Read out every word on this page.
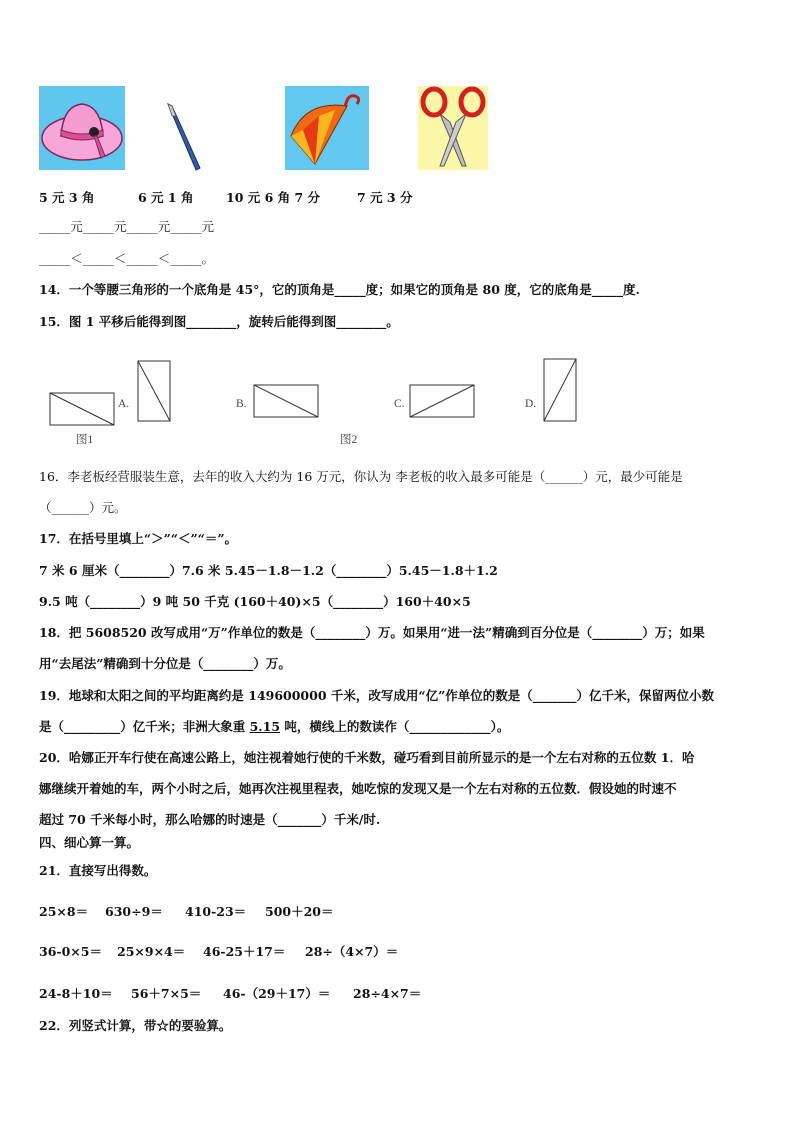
5 元 3 角	6 元 1 角	10 元 6 角 7 分	7 元 3 分
_____元_____元_____元_____元
_____＜_____＜_____＜_____。
14．一个等腰三角形的一个底角是 45°，它的顶角是_____度；如果它的顶角是 80 度，它的底角是_____度.
15．图 1 平移后能得到图________，旋转后能得到图________。
A.	B.	C.	D.
图1	图2
16．李老板经营服装生意，去年的收入大约为 16 万元，你认为 李老板的收入最多可能是（______）元，最少可能是
（______）元。
17．在括号里填上“＞”“＜”“＝”。
7 米 6 厘米（________）7.6 米 5.45－1.8－1.2（________）5.45－1.8＋1.2
9.5 吨（________）9 吨 50 千克 (160＋40)×5（________）160＋40×5
18．把 5608520 改写成用“万”作单位的数是（________）万。如果用“进一法”精确到百分位是（________）万；如果
用“去尾法”精确到十分位是（________）万。
19．地球和太阳之间的平均距离约是 149600000 千米，改写成用“亿”作单位的数是（_______）亿千米，保留两位小数
是（_________）亿千米；非洲大象重 5.15 吨，横线上的数读作（_____________）。
20．哈娜正开车行使在高速公路上，她注视着她行使的千米数，碰巧看到目前所显示的是一个左右对称的五位数 1．哈
娜继续开着她的车，两个小时之后，她再次注视里程表，她吃惊的发现又是一个左右对称的五位数．假设她的时速不
超过 70 千米每小时，那么哈娜的时速是（_______）千米/时.
四、细心算一算。
21．直接写出得数。
25×8＝ 630÷9＝ 410-23＝ 500＋20＝
36-0×5＝ 25×9×4＝ 46-25＋17＝ 28÷（4×7）＝
24-8＋10＝ 56＋7×5＝ 46-（29＋17）＝ 28÷4×7＝
22．列竖式计算，带☆的要验算。
